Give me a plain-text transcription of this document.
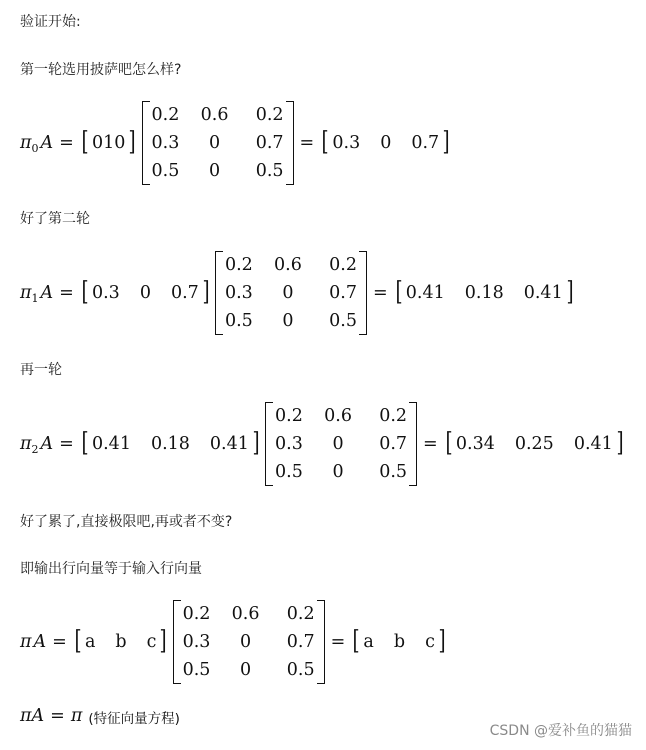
验证开始:
第一轮选用披萨吧怎么样?
π 0 A = [ 010 ]
0.2	0.6	0.2
0.3	0	0.7
0.5	0	0.5
= [ 0.3 0 0.7 ]
好了第二轮
π 1 A = [ 0.3 0 0.7 ]
0.2	0.6	0.2
0.3	0	0.7
0.5	0	0.5
= [ 0.41 0.18 0.41 ]
再一轮
π 2 A = [ 0.41 0.18 0.41 ]
0.2	0.6	0.2
0.3	0	0.7
0.5	0	0.5
= [ 0.34 0.25 0.41 ]
好了累了,直接极限吧,再或者不变?
即输出行向量等于输入行向量
π A = [ a b c ]
0.2	0.6	0.2
0.3	0	0.7
0.5	0	0.5
= [ a b c ]
πA = π (特征向量方程)
CSDN @爱补鱼的猫猫
